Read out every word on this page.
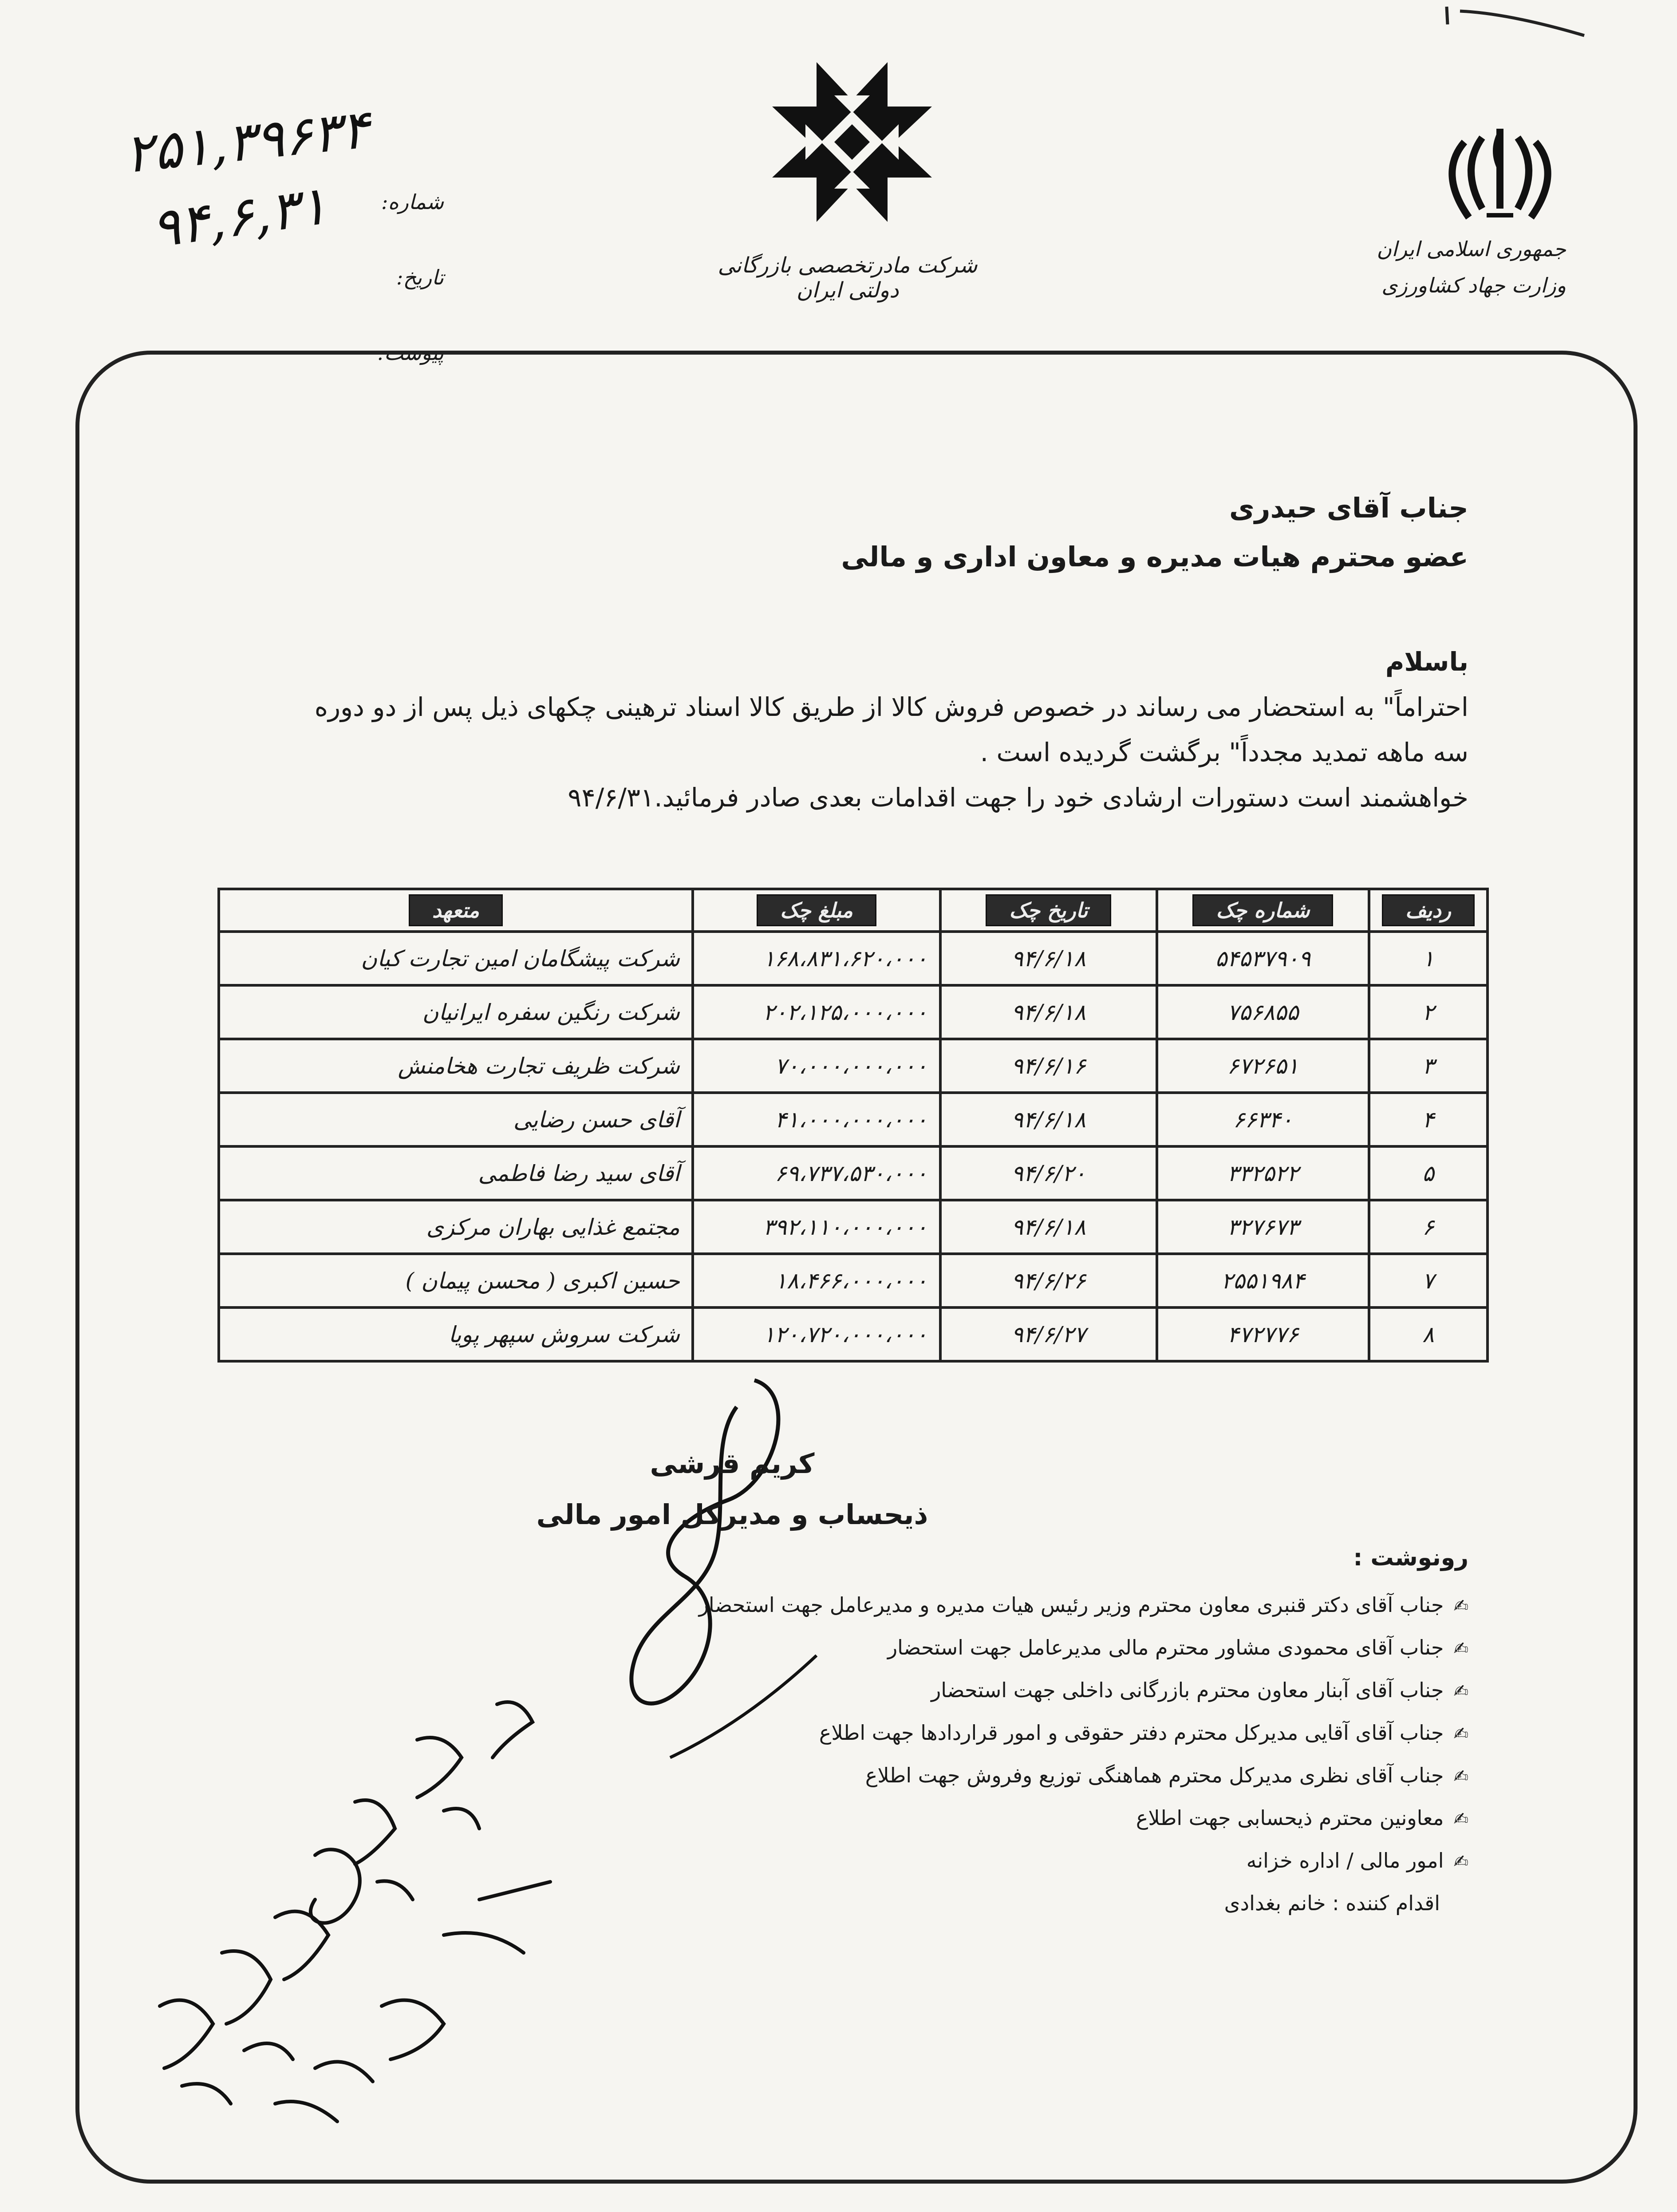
جمهوری اسلامی ایران
وزارت جهاد کشاورزی
شرکت مادرتخصصی بازرگانی دولتی ایران
شماره:
تاریخ:
پیوست:
۲۵۱,۳۹۶۳۴
۹۴,۶,۳۱
جناب آقای حیدری
عضو محترم هیات مدیره و معاون اداری و مالی

باسلام

احتراماً" به استحضار می رساند در خصوص فروش کالا از طریق کالا اسناد ترهینی چکهای ذیل پس از دو دوره

سه ماهه تمدید مجدداً" برگشت گردیده است .

خواهشمند است دستورات ارشادی خود را جهت اقدامات بعدی صادر فرمائید.۹۴/۶/۳۱

ردیف	شماره چک	تاریخ چک	مبلغ چک	متعهد
۱	۵۴۵۳۷۹۰۹	۹۴/۶/۱۸	۱۶۸،۸۳۱،۶۲۰،۰۰۰	شرکت پیشگامان امین تجارت کیان
۲	۷۵۶۸۵۵	۹۴/۶/۱۸	۲۰۲،۱۲۵،۰۰۰،۰۰۰	شرکت رنگین سفره ایرانیان
۳	۶۷۲۶۵۱	۹۴/۶/۱۶	۷۰،۰۰۰،۰۰۰،۰۰۰	شرکت ظریف تجارت هخامنش
۴	۶۶۳۴۰	۹۴/۶/۱۸	۴۱،۰۰۰،۰۰۰،۰۰۰	آقای حسن رضایی
۵	۳۳۲۵۲۲	۹۴/۶/۲۰	۶۹،۷۳۷،۵۳۰،۰۰۰	آقای سید رضا فاطمی
۶	۳۲۷۶۷۳	۹۴/۶/۱۸	۳۹۲،۱۱۰،۰۰۰،۰۰۰	مجتمع غذایی بهاران مرکزی
۷	۲۵۵۱۹۸۴	۹۴/۶/۲۶	۱۸،۴۶۶،۰۰۰،۰۰۰	حسین اکبری ( محسن پیمان )
۸	۴۷۲۷۷۶	۹۴/۶/۲۷	۱۲۰،۷۲۰،۰۰۰،۰۰۰	شرکت سروش سپهر پویا
کریم قرشی
ذیحساب و مدیرکل امور مالی
رونوشت :
✍جناب آقای دکتر قنبری معاون محترم وزیر رئیس هیات مدیره و مدیرعامل جهت استحضار
✍جناب آقای محمودی مشاور محترم مالی مدیرعامل جهت استحضار
✍جناب آقای آبنار معاون محترم بازرگانی داخلی جهت استحضار
✍جناب آقای آقایی مدیرکل محترم دفتر حقوقی و امور قراردادها جهت اطلاع
✍جناب آقای نظری مدیرکل محترم هماهنگی توزیع وفروش جهت اطلاع
✍معاونین محترم ذیحسابی جهت اطلاع
✍امور مالی / اداره خزانه
اقدام کننده : خانم بغدادی
